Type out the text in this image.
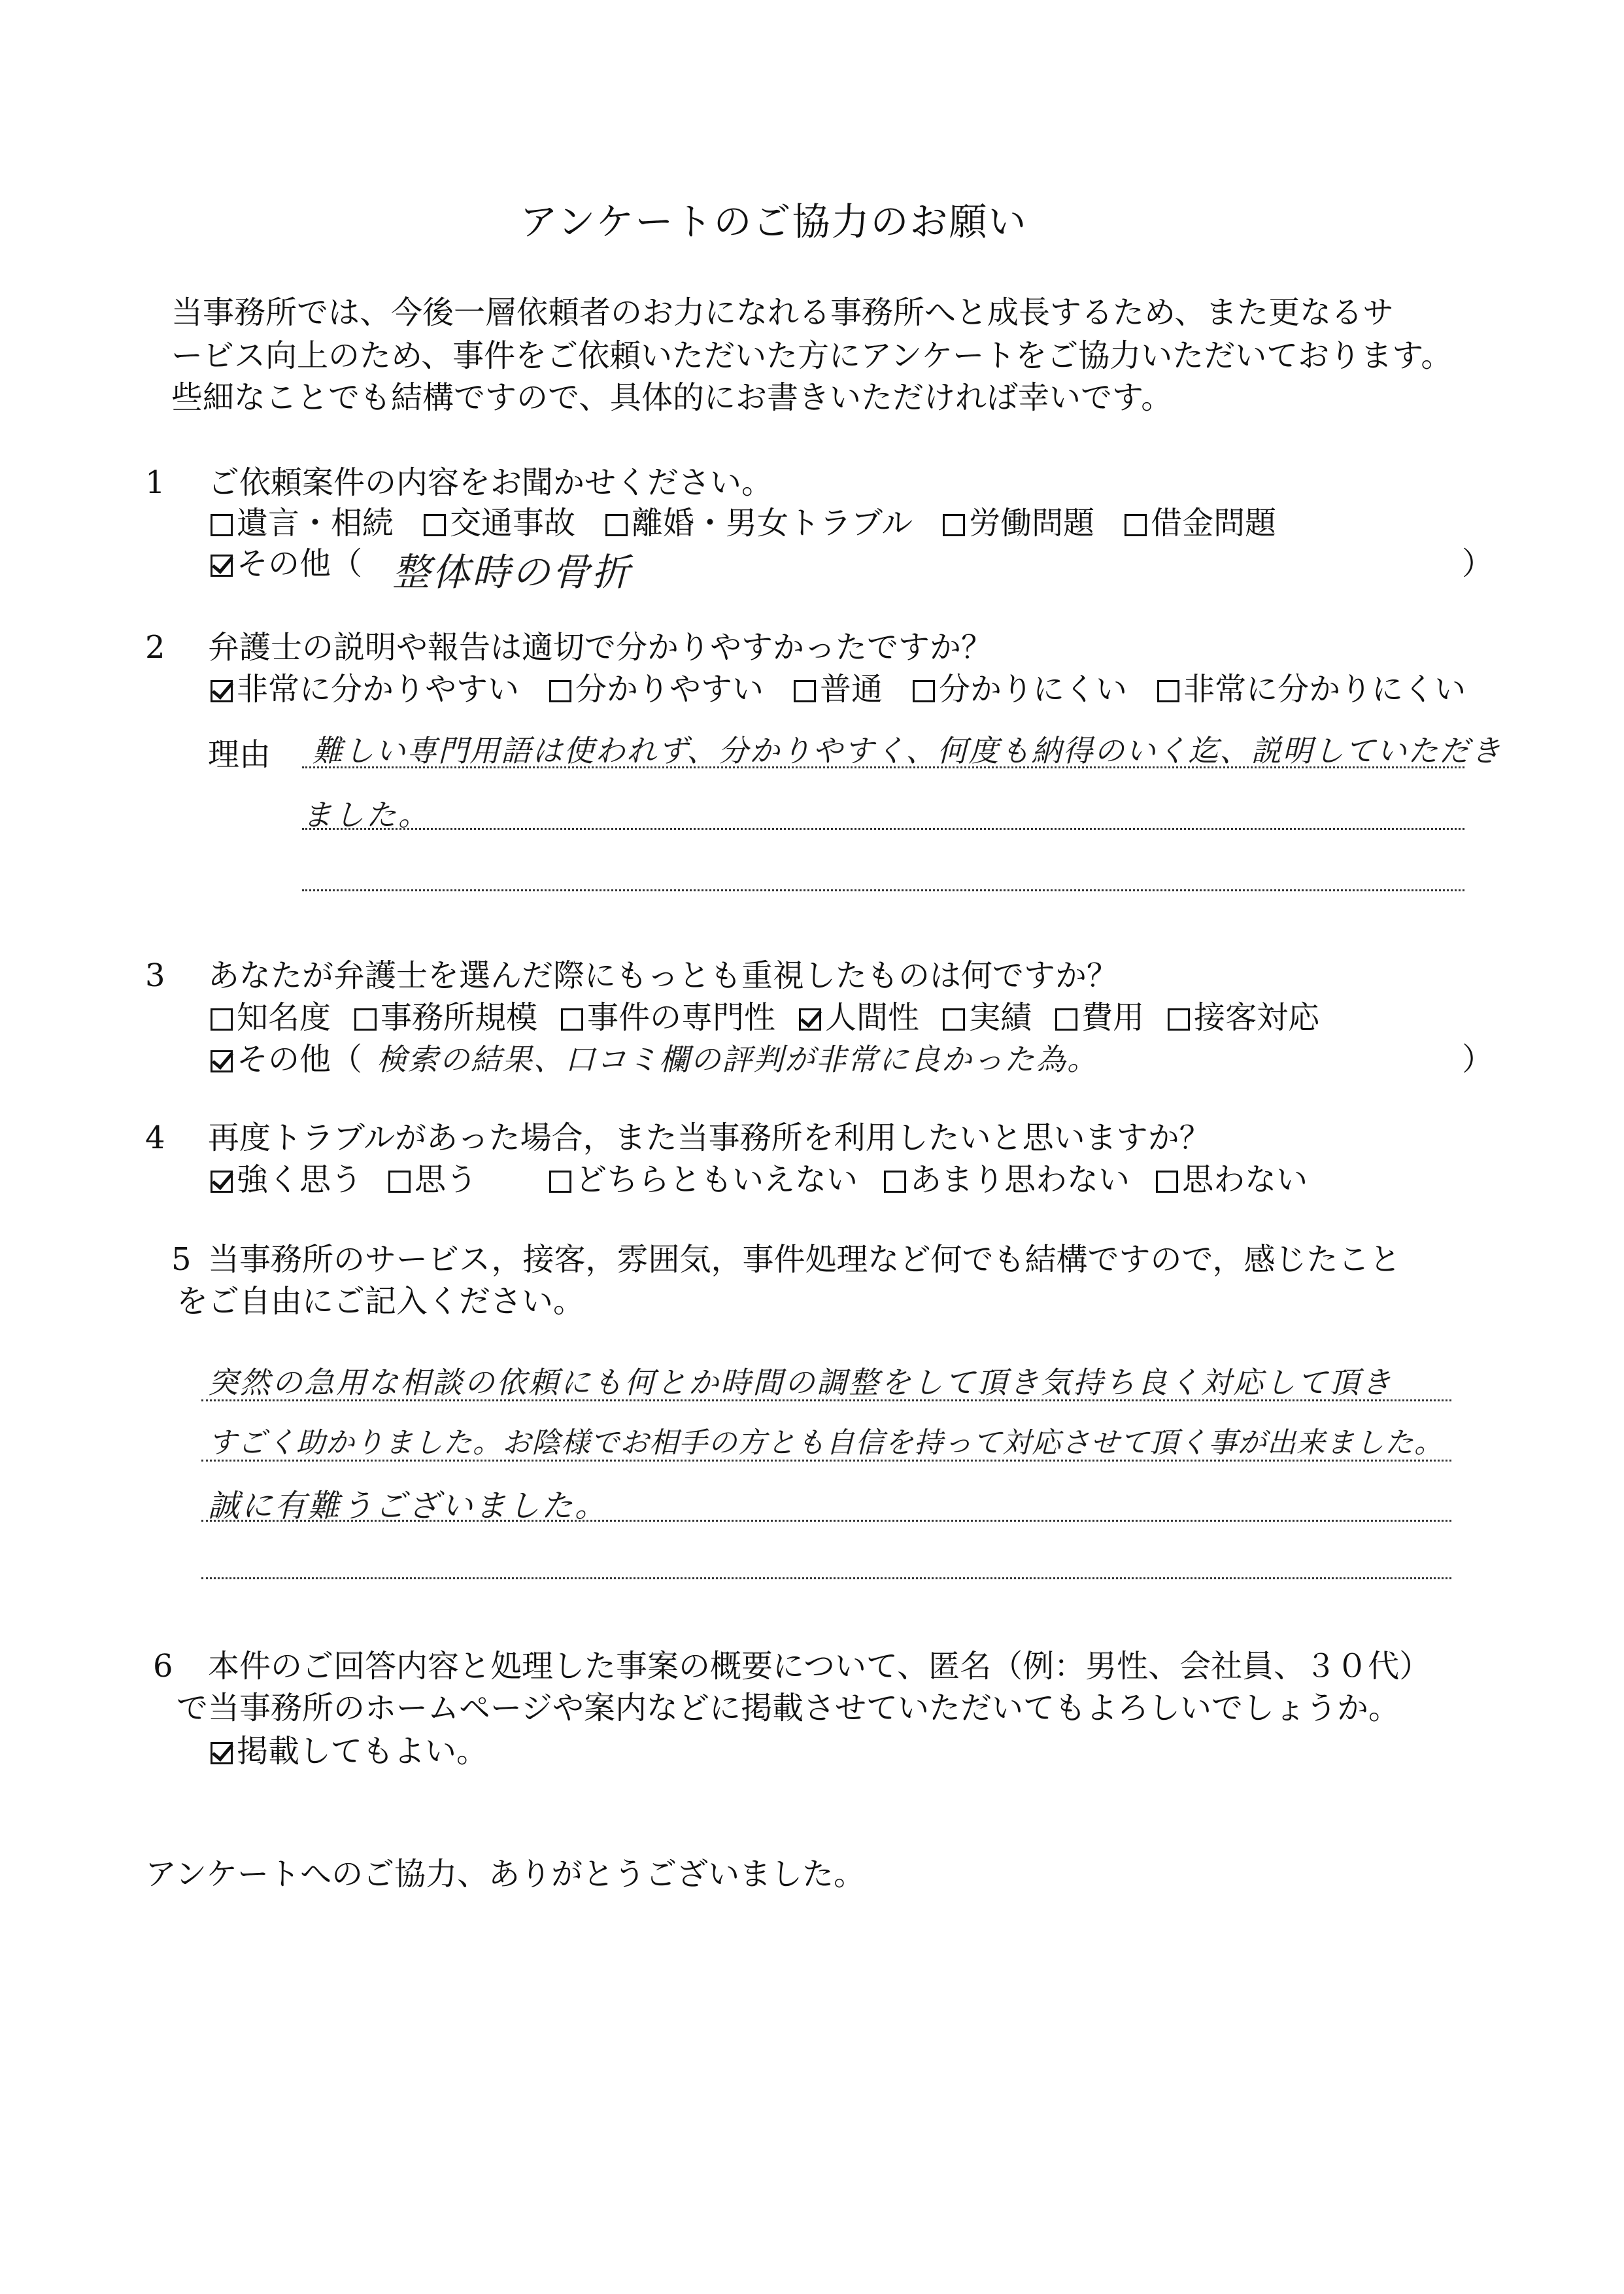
アンケートのご協力のお願い
当事務所では、今後一層依頼者のお力になれる事務所へと成長するため、また更なるサ
ービス向上のため、事件をご依頼いただいた方にアンケートをご協力いただいております。
些細なことでも結構ですので、具体的にお書きいただければ幸いです。
1 ご依頼案件の内容をお聞かせください。
遺言・相続 交通事故 離婚・男女トラブル 労働問題 借金問題
その他（ 整体時の骨折	）
2 弁護士の説明や報告は適切で分かりやすかったですか？
非常に分かりやすい 分かりやすい 普通 分かりにくい 非常に分かりにくい
理由 難しい専門用語は使われず、分かりやすく、何度も納得のいく迄、説明していただき
ました。
3 あなたが弁護士を選んだ際にもっとも重視したものは何ですか？
知名度 事務所規模 事件の専門性 人間性 実績 費用 接客対応
その他（ 検索の結果、口コミ欄の評判が非常に良かった為。	）
4 再度トラブルがあった場合，また当事務所を利用したいと思いますか？
強く思う 思う	どちらともいえない あまり思わない 思わない
5 当事務所のサービス，接客，雰囲気，事件処理など何でも結構ですので，感じたこと
をご自由にご記入ください。
突然の急用な相談の依頼にも何とか時間の調整をして頂き気持ち良く対応して頂き
すごく助かりました。お陰様でお相手の方とも自信を持って対応させて頂く事が出来ました。
誠に有難うございました。
6 本件のご回答内容と処理した事案の概要について、匿名（例：男性、会社員、３０代）
で当事務所のホームページや案内などに掲載させていただいてもよろしいでしょうか。
掲載してもよい。
アンケートへのご協力、ありがとうございました。
